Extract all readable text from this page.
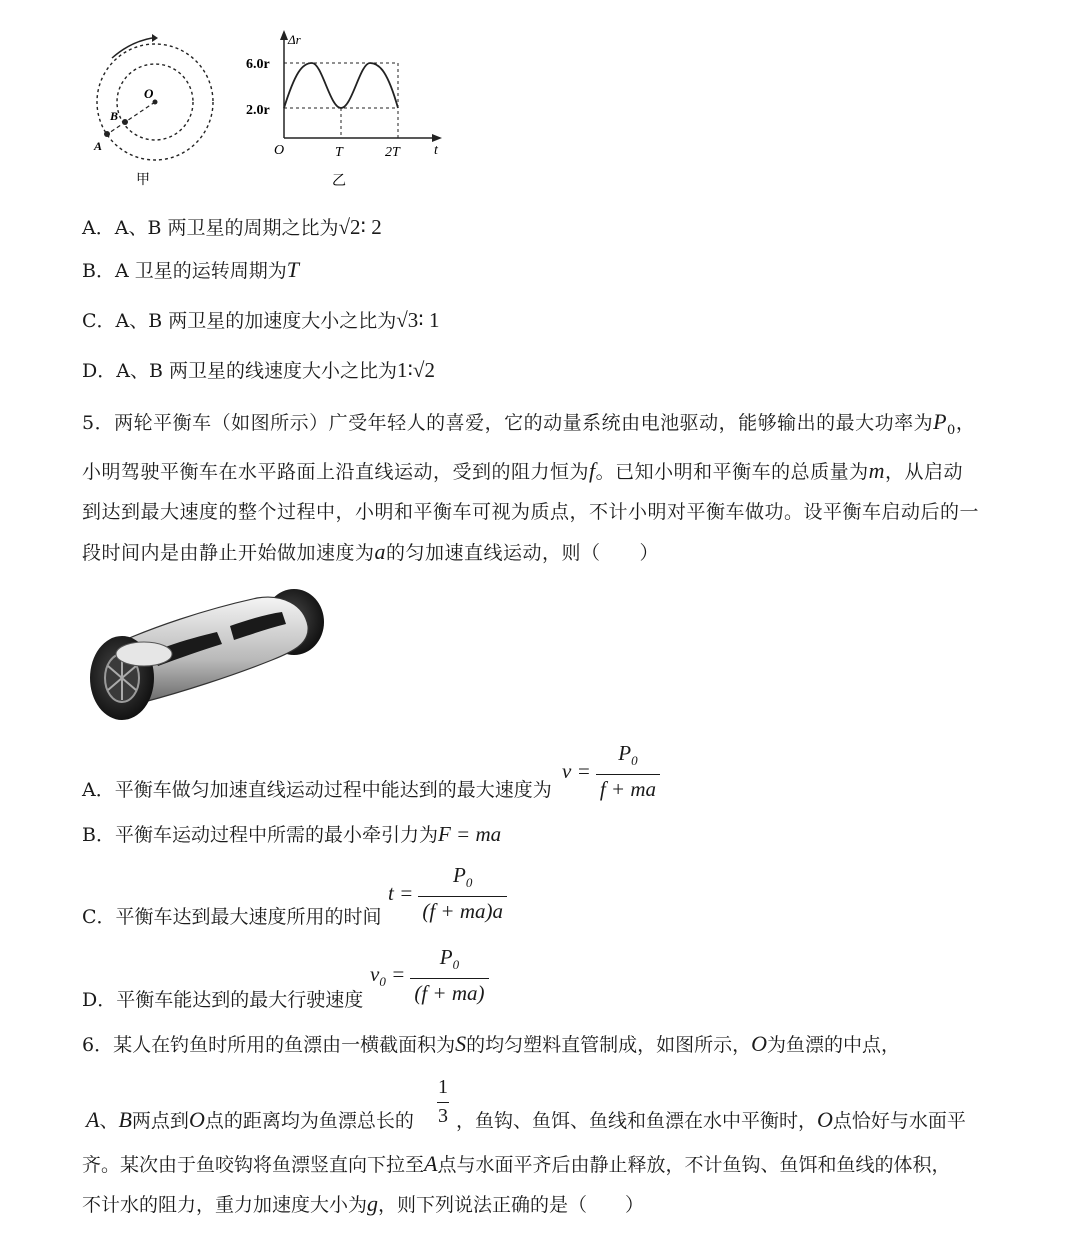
O
B
A
甲
Δr
t
6.0r
2.0r
O	T	2T
乙
A．A、B 两卫星的周期之比为√2∶ 2
B．A 卫星的运转周期为T
C．A、B 两卫星的加速度大小之比为√3∶ 1
D．A、B 两卫星的线速度大小之比为1∶√2
5．两轮平衡车（如图所示）广受年轻人的喜爱，它的动量系统由电池驱动，能够输出的最大功率为$P_0$，
小明驾驶平衡车在水平路面上沿直线运动，受到的阻力恒为f。已知小明和平衡车的总质量为m，从启动
到达到最大速度的整个过程中，小明和平衡车可视为质点，不计小明对平衡车做功。设平衡车启动后的一
段时间内是由静止开始做加速度为a的匀加速直线运动，则（　　）
A．平衡车做匀加速直线运动过程中能达到的最大速度为
$v = \frac{P_0}{f + ma}$
B．平衡车运动过程中所需的最小牵引力为F = ma
C．平衡车达到最大速度所用的时间
$t = \frac{P_0}{(f + ma)a}$
D．平衡车能达到的最大行驶速度
$v_0 = \frac{P_0}{(f + ma)}$
6．某人在钓鱼时所用的鱼漂由一横截面积为S的均匀塑料直管制成，如图所示，O为鱼漂的中点，
A、B两点到O点的距离均为鱼漂总长的
1
3 ，鱼钩、鱼饵、鱼线和鱼漂在水中平衡时，O点恰好与水面平
齐。某次由于鱼咬钩将鱼漂竖直向下拉至A点与水面平齐后由静止释放，不计鱼钩、鱼饵和鱼线的体积，
不计水的阻力，重力加速度大小为g，则下列说法正确的是（　　）
